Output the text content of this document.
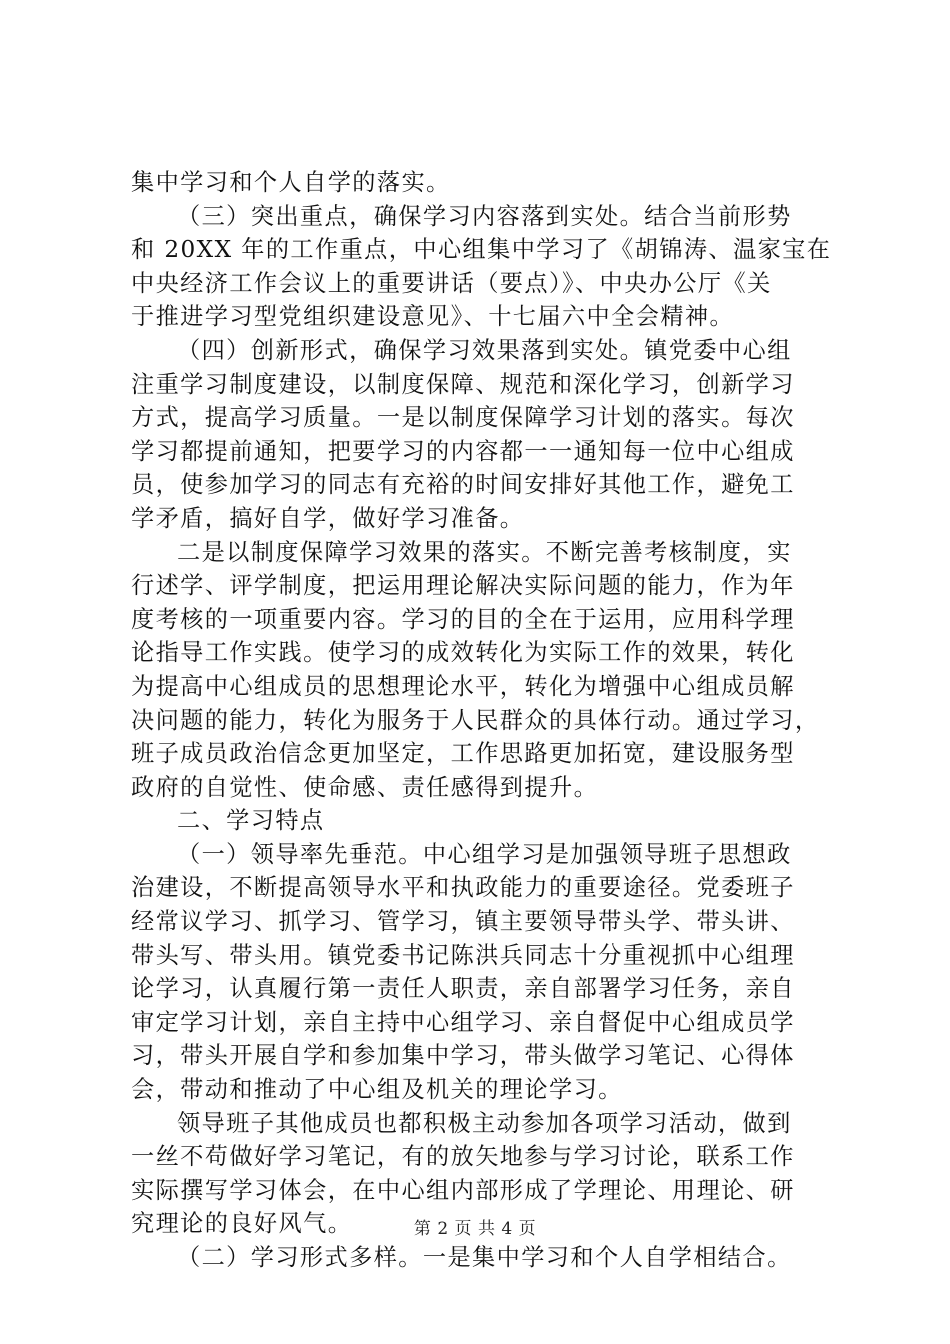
集中学习和个人自学的落实。
（三）突出重点，确保学习内容落到实处。结合当前形势
和 20XX 年的工作重点，中心组集中学习了《胡锦涛、温家宝在
中央经济工作会议上的重要讲话（要点）》、中央办公厅《关
于推进学习型党组织建设意见》、十七届六中全会精神。
（四）创新形式，确保学习效果落到实处。镇党委中心组
注重学习制度建设，以制度保障、规范和深化学习，创新学习
方式，提高学习质量。一是以制度保障学习计划的落实。每次
学习都提前通知，把要学习的内容都一一通知每一位中心组成
员，使参加学习的同志有充裕的时间安排好其他工作，避免工
学矛盾，搞好自学，做好学习准备。
二是以制度保障学习效果的落实。不断完善考核制度，实
行述学、评学制度，把运用理论解决实际问题的能力，作为年
度考核的一项重要内容。学习的目的全在于运用，应用科学理
论指导工作实践。使学习的成效转化为实际工作的效果，转化
为提高中心组成员的思想理论水平，转化为增强中心组成员解
决问题的能力，转化为服务于人民群众的具体行动。通过学习，
班子成员政治信念更加坚定，工作思路更加拓宽，建设服务型
政府的自觉性、使命感、责任感得到提升。
二、学习特点
（一）领导率先垂范。中心组学习是加强领导班子思想政
治建设，不断提高领导水平和执政能力的重要途径。党委班子
经常议学习、抓学习、管学习，镇主要领导带头学、带头讲、
带头写、带头用。镇党委书记陈洪兵同志十分重视抓中心组理
论学习，认真履行第一责任人职责，亲自部署学习任务，亲自
审定学习计划，亲自主持中心组学习、亲自督促中心组成员学
习，带头开展自学和参加集中学习，带头做学习笔记、心得体
会，带动和推动了中心组及机关的理论学习。
领导班子其他成员也都积极主动参加各项学习活动，做到
一丝不苟做好学习笔记，有的放矢地参与学习讨论，联系工作
实际撰写学习体会，在中心组内部形成了学理论、用理论、研
究理论的良好风气。
（二）学习形式多样。一是集中学习和个人自学相结合。
第 2 页 共 4 页
